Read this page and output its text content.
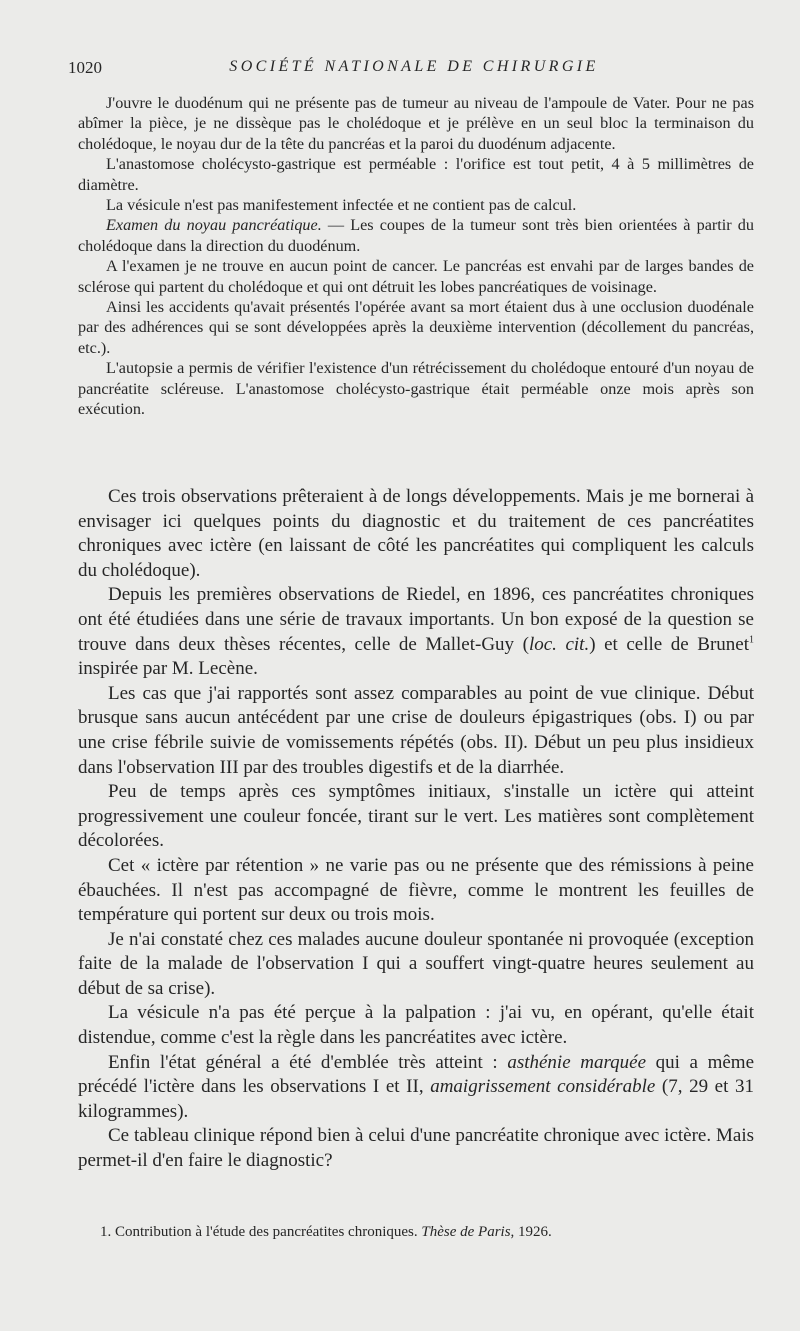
1020	SOCIÉTÉ NATIONALE DE CHIRURGIE

J'ouvre le duodénum qui ne présente pas de tumeur au niveau de l'ampoule de Vater. Pour ne pas abîmer la pièce, je ne dissèque pas le cholédoque et je prélève en un seul bloc la terminaison du cholédoque, le noyau dur de la tête du pancréas et la paroi du duodénum adjacente.

L'anastomose cholécysto-gastrique est perméable : l'orifice est tout petit, 4 à 5 millimètres de diamètre.

La vésicule n'est pas manifestement infectée et ne contient pas de calcul.

Examen du noyau pancréatique. — Les coupes de la tumeur sont très bien orientées à partir du cholédoque dans la direction du duodénum.

A l'examen je ne trouve en aucun point de cancer. Le pancréas est envahi par de larges bandes de sclérose qui partent du cholédoque et qui ont détruit les lobes pancréatiques de voisinage.

Ainsi les accidents qu'avait présentés l'opérée avant sa mort étaient dus à une occlusion duodénale par des adhérences qui se sont développées après la deuxième intervention (décollement du pancréas, etc.).

L'autopsie a permis de vérifier l'existence d'un rétrécissement du cholédoque entouré d'un noyau de pancréatite scléreuse. L'anastomose cholécysto-gastrique était perméable onze mois après son exécution.

Ces trois observations prêteraient à de longs développements. Mais je me bornerai à envisager ici quelques points du diagnostic et du traitement de ces pancréatites chroniques avec ictère (en laissant de côté les pancréatites qui compliquent les calculs du cholédoque).

Depuis les premières observations de Riedel, en 1896, ces pancréatites chroniques ont été étudiées dans une série de travaux importants. Un bon exposé de la question se trouve dans deux thèses récentes, celle de Mallet-Guy (loc. cit.) et celle de Brunet$^1$ inspirée par M. Lecène.

Les cas que j'ai rapportés sont assez comparables au point de vue clinique. Début brusque sans aucun antécédent par une crise de douleurs épigastriques (obs. I) ou par une crise fébrile suivie de vomissements répétés (obs. II). Début un peu plus insidieux dans l'observation III par des troubles digestifs et de la diarrhée.

Peu de temps après ces symptômes initiaux, s'installe un ictère qui atteint progressivement une couleur foncée, tirant sur le vert. Les matières sont complètement décolorées.

Cet « ictère par rétention » ne varie pas ou ne présente que des rémissions à peine ébauchées. Il n'est pas accompagné de fièvre, comme le montrent les feuilles de température qui portent sur deux ou trois mois.

Je n'ai constaté chez ces malades aucune douleur spontanée ni provoquée (exception faite de la malade de l'observation I qui a souffert vingt-quatre heures seulement au début de sa crise).

La vésicule n'a pas été perçue à la palpation : j'ai vu, en opérant, qu'elle était distendue, comme c'est la règle dans les pancréatites avec ictère.

Enfin l'état général a été d'emblée très atteint : asthénie marquée qui a même précédé l'ictère dans les observations I et II, amaigrissement considérable (7, 29 et 31 kilogrammes).

Ce tableau clinique répond bien à celui d'une pancréatite chronique avec ictère. Mais permet-il d'en faire le diagnostic?

1. Contribution à l'étude des pancréatites chroniques. Thèse de Paris, 1926.
